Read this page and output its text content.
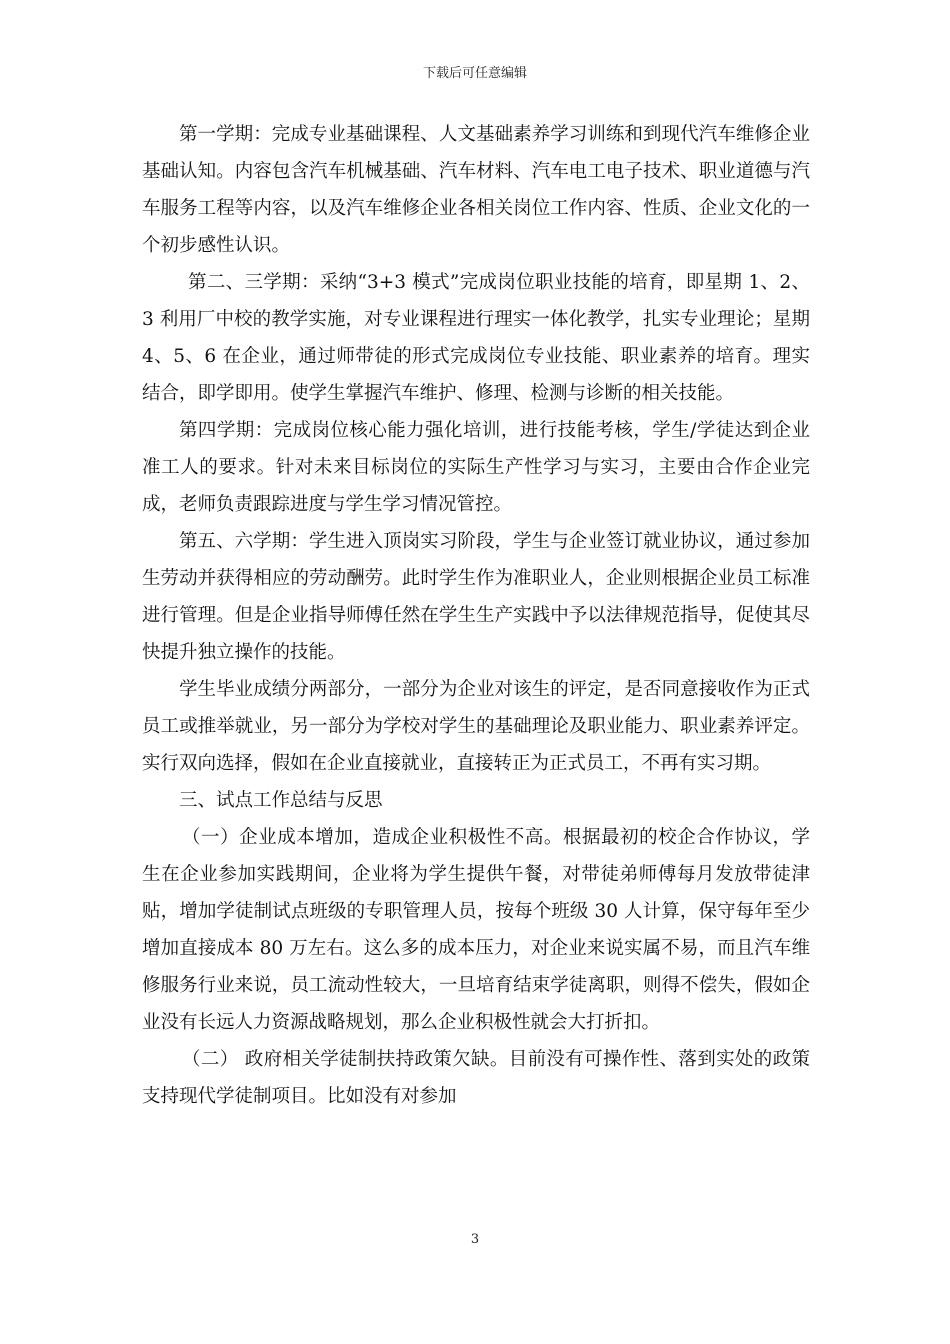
下载后可任意编辑

第一学期：完成专业基础课程、人文基础素养学习训练和到现代汽车维修企业基础认知。内容包含汽车机械基础、汽车材料、汽车电工电子技术、职业道德与汽车服务工程等内容，以及汽车维修企业各相关岗位工作内容、性质、企业文化的一个初步感性认识。

第二、三学期：采纳“3+3 模式”完成岗位职业技能的培育，即星期 1、2、3 利用厂中校的教学实施，对专业课程进行理实一体化教学，扎实专业理论；星期 4、5、6 在企业，通过师带徒的形式完成岗位专业技能、职业素养的培育。理实结合，即学即用。使学生掌握汽车维护、修理、检测与诊断的相关技能。

第四学期：完成岗位核心能力强化培训，进行技能考核，学生/学徒达到企业准工人的要求。针对未来目标岗位的实际生产性学习与实习，主要由合作企业完成，老师负责跟踪进度与学生学习情况管控。

第五、六学期：学生进入顶岗实习阶段，学生与企业签订就业协议，通过参加生劳动并获得相应的劳动酬劳。此时学生作为准职业人，企业则根据企业员工标准进行管理。但是企业指导师傅任然在学生生产实践中予以法律规范指导，促使其尽快提升独立操作的技能。

学生毕业成绩分两部分，一部分为企业对该生的评定，是否同意接收作为正式员工或推举就业，另一部分为学校对学生的基础理论及职业能力、职业素养评定。实行双向选择，假如在企业直接就业，直接转正为正式员工，不再有实习期。

三、试点工作总结与反思

（一）企业成本增加，造成企业积极性不高。根据最初的校企合作协议，学生在企业参加实践期间，企业将为学生提供午餐，对带徒弟师傅每月发放带徒津贴，增加学徒制试点班级的专职管理人员，按每个班级 30 人计算，保守每年至少增加直接成本 80 万左右。这么多的成本压力，对企业来说实属不易，而且汽车维修服务行业来说，员工流动性较大，一旦培育结束学徒离职，则得不偿失，假如企业没有长远人力资源战略规划，那么企业积极性就会大打折扣。

（二） 政府相关学徒制扶持政策欠缺。目前没有可操作性、落到实处的政策支持现代学徒制项目。比如没有对参加

3
